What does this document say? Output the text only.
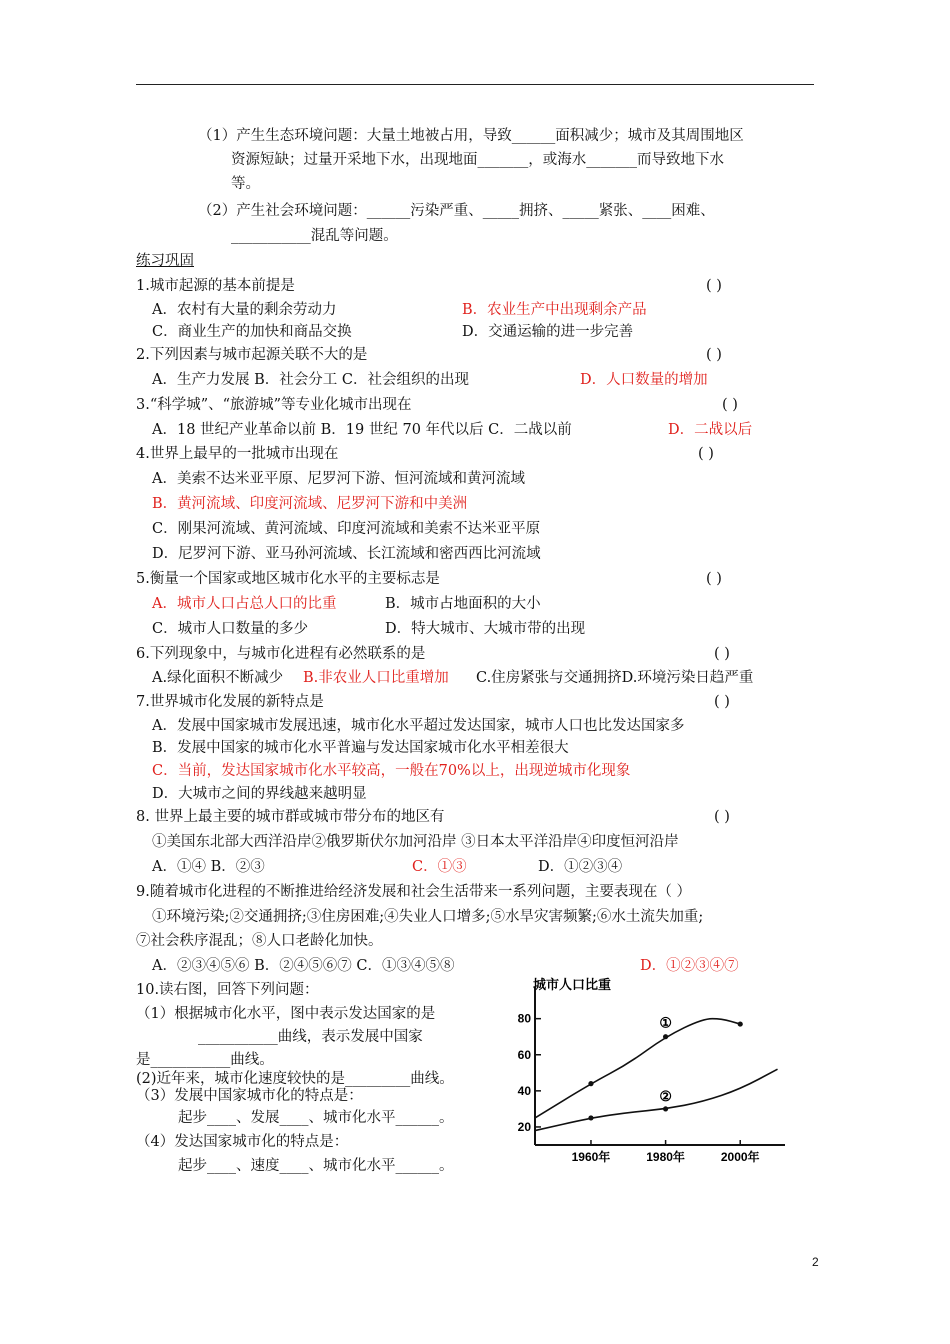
（1）产生生态环境问题：大量土地被占用，导致______面积减少；城市及其周围地区
资源短缺；过量开采地下水，出现地面_______，或海水_______而导致地下水
等。
（2）产生社会环境问题：______污染严重、_____拥挤、_____紧张、____困难、
___________混乱等问题。
练习巩固
1.城市起源的基本前提是	( )
A．农村有大量的剩余劳动力	B．农业生产中出现剩余产品
C．商业生产的加快和商品交换	D．交通运输的进一步完善
2.下列因素与城市起源关联不大的是	( )
A．生产力发展 B．社会分工 C．社会组织的出现	D．人口数量的增加
3.“科学城”、“旅游城”等专业化城市出现在	( )
A．18 世纪产业革命以前 B．19 世纪 70 年代以后 C．二战以前	D．二战以后
4.世界上最早的一批城市出现在	( )
A．美索不达米亚平原、尼罗河下游、恒河流域和黄河流域
B．黄河流域、印度河流域、尼罗河下游和中美洲
C．刚果河流域、黄河流域、印度河流域和美索不达米亚平原
D．尼罗河下游、亚马孙河流域、长江流域和密西西比河流域
5.衡量一个国家或地区城市化水平的主要标志是	( )
A．城市人口占总人口的比重	B．城市占地面积的大小
C．城市人口数量的多少	D．特大城市、大城市带的出现
6.下列现象中，与城市化进程有必然联系的是	( )
A.绿化面积不断减少 B.非农业人口比重增加 C.住房紧张与交通拥挤D.环境污染日趋严重
7.世界城市化发展的新特点是	( )
A．发展中国家城市发展迅速，城市化水平超过发达国家，城市人口也比发达国家多
B．发展中国家的城市化水平普遍与发达国家城市化水平相差很大
C．当前，发达国家城市化水平较高，一般在70%以上，出现逆城市化现象
D．大城市之间的界线越来越明显
8. 世界上最主要的城市群或城市带分布的地区有	( )
①美国东北部大西洋沿岸②俄罗斯伏尔加河沿岸 ③日本太平洋沿岸④印度恒河沿岸
A．①④ B．②③	C．①③	D．①②③④
9.随着城市化进程的不断推进给经济发展和社会生活带来一系列问题，主要表现在（ ）
①环境污染;②交通拥挤;③住房困难;④失业人口增多;⑤水旱灾害频繁;⑥水土流失加重;
⑦社会秩序混乱；⑧人口老龄化加快。
A．②③④⑤⑥ B．②④⑤⑥⑦ C．①③④⑤⑧	D．①②③④⑦
10.读右图，回答下列问题：
（1）根据城市化水平，图中表示发达国家的是
___________曲线，表示发展中国家
是___________曲线。
(2)近年来，城市化速度较快的是_________曲线。
（3）发展中国家城市化的特点是：
起步____、发展____、城市化水平______。
（4）发达国家城市化的特点是：
起步____、速度____、城市化水平______。
城市人口比重
20
40
60
80
1960年	1980年	2000年
①
②
2
